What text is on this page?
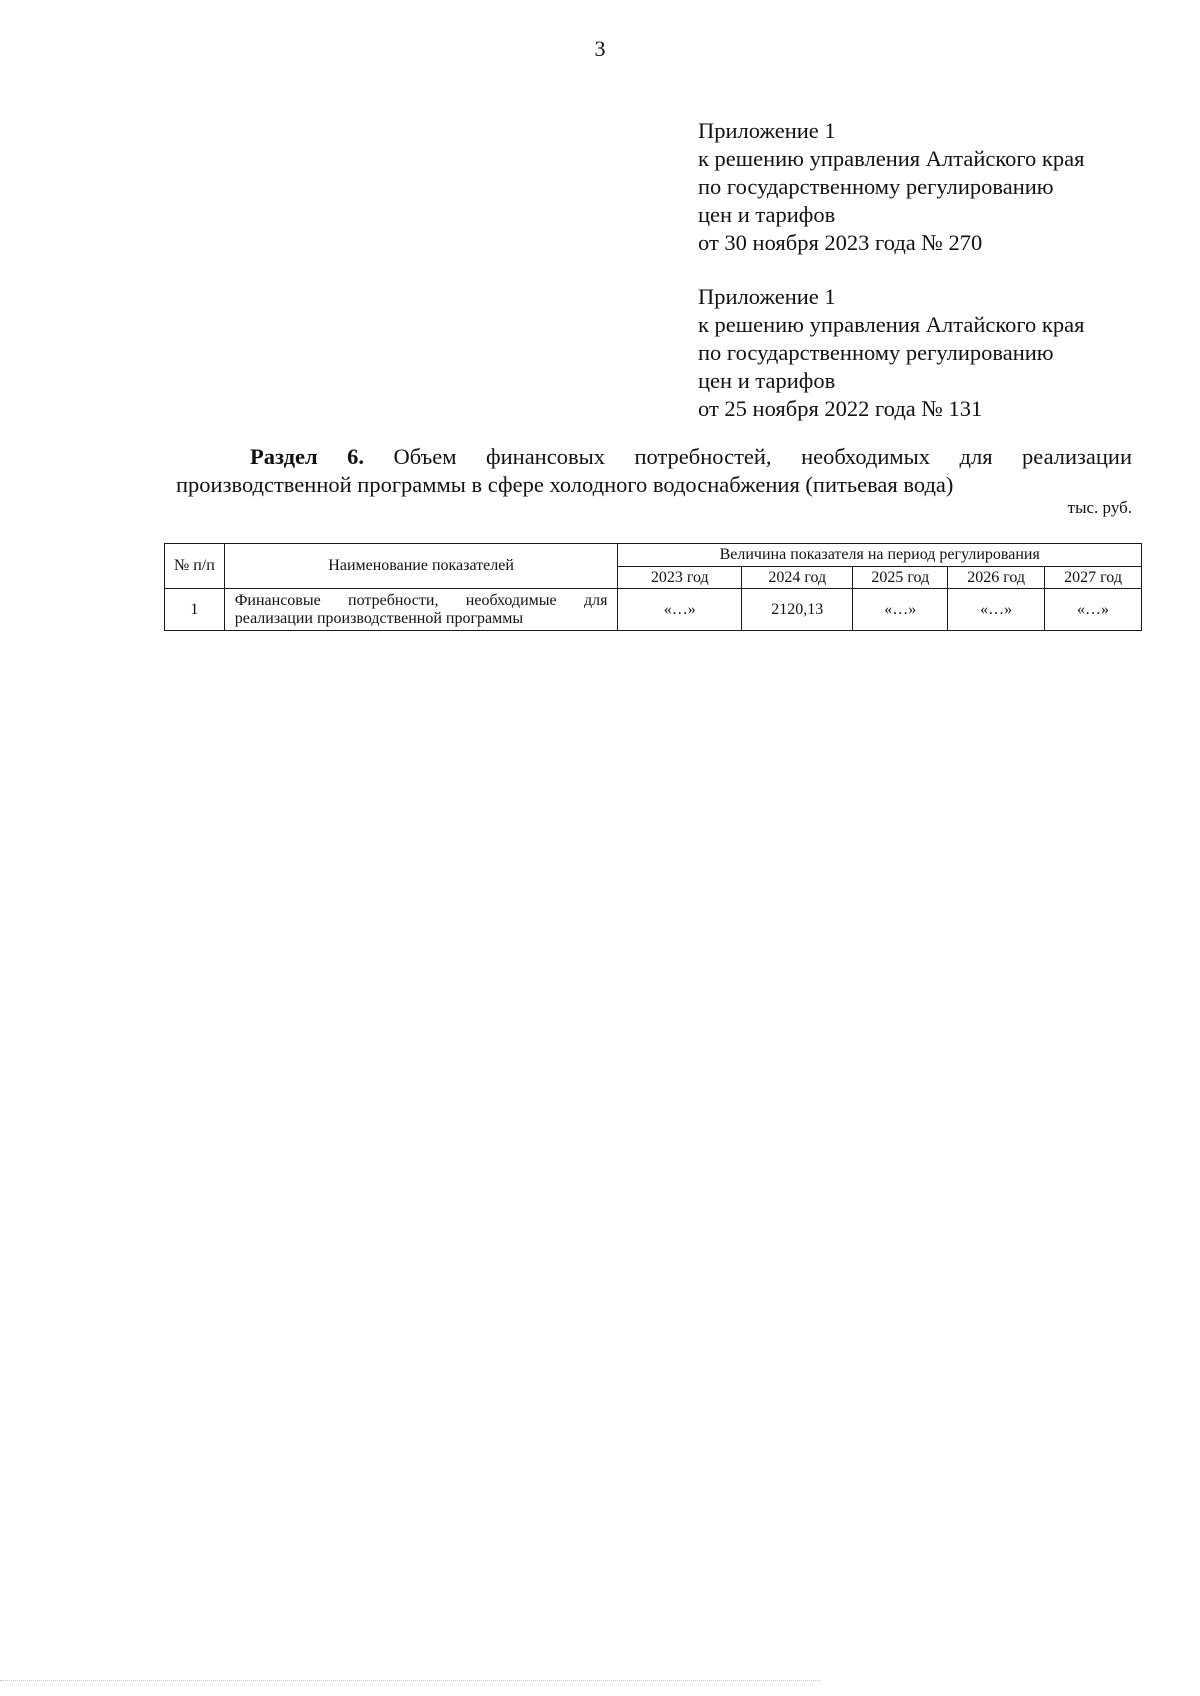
3
Приложение 1
к решению управления Алтайского края
по государственному регулированию
цен и тарифов
от 30 ноября 2023 года № 270
Приложение 1
к решению управления Алтайского края
по государственному регулированию
цен и тарифов
от 25 ноября 2022 года № 131
Раздел 6. Объем финансовых потребностей, необходимых для реализации производственной программы в сфере холодного водоснабжения (питьевая вода)
тыс. руб.
№ п/п	Наименование показателей	Величина показателя на период регулирования				
		2023 год	2024 год	2025 год	2026 год	2027 год
1	Финансовые потребности, необходимые для реализации производственной программы	«…»	2120,13	«…»	«…»	«…»
